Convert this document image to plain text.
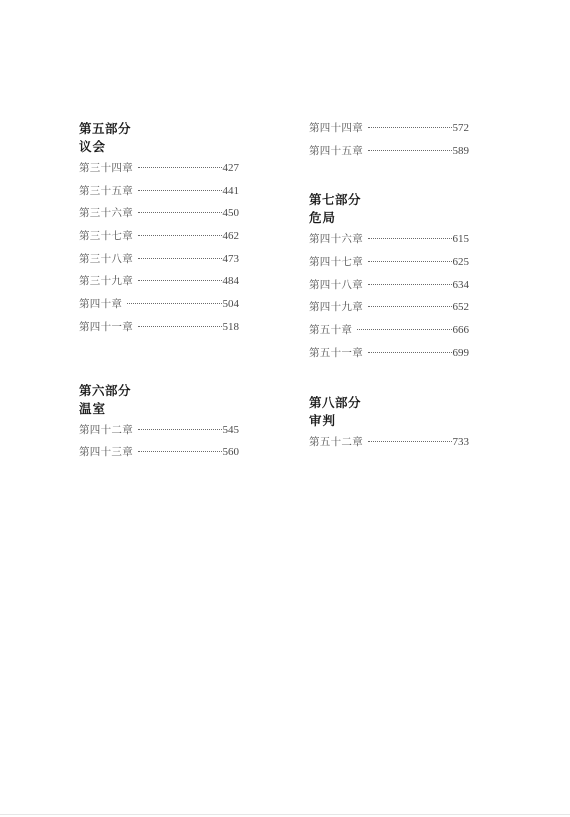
第五部分
议会
第三十四章	427
第三十五章	441
第三十六章	450
第三十七章	462
第三十八章	473
第三十九章	484
第四十章	504
第四十一章	518
第六部分
温室
第四十二章	545
第四十三章	560
第四十四章	572
第四十五章	589
第七部分
危局
第四十六章	615
第四十七章	625
第四十八章	634
第四十九章	652
第五十章	666
第五十一章	699
第八部分
审判
第五十二章	733
